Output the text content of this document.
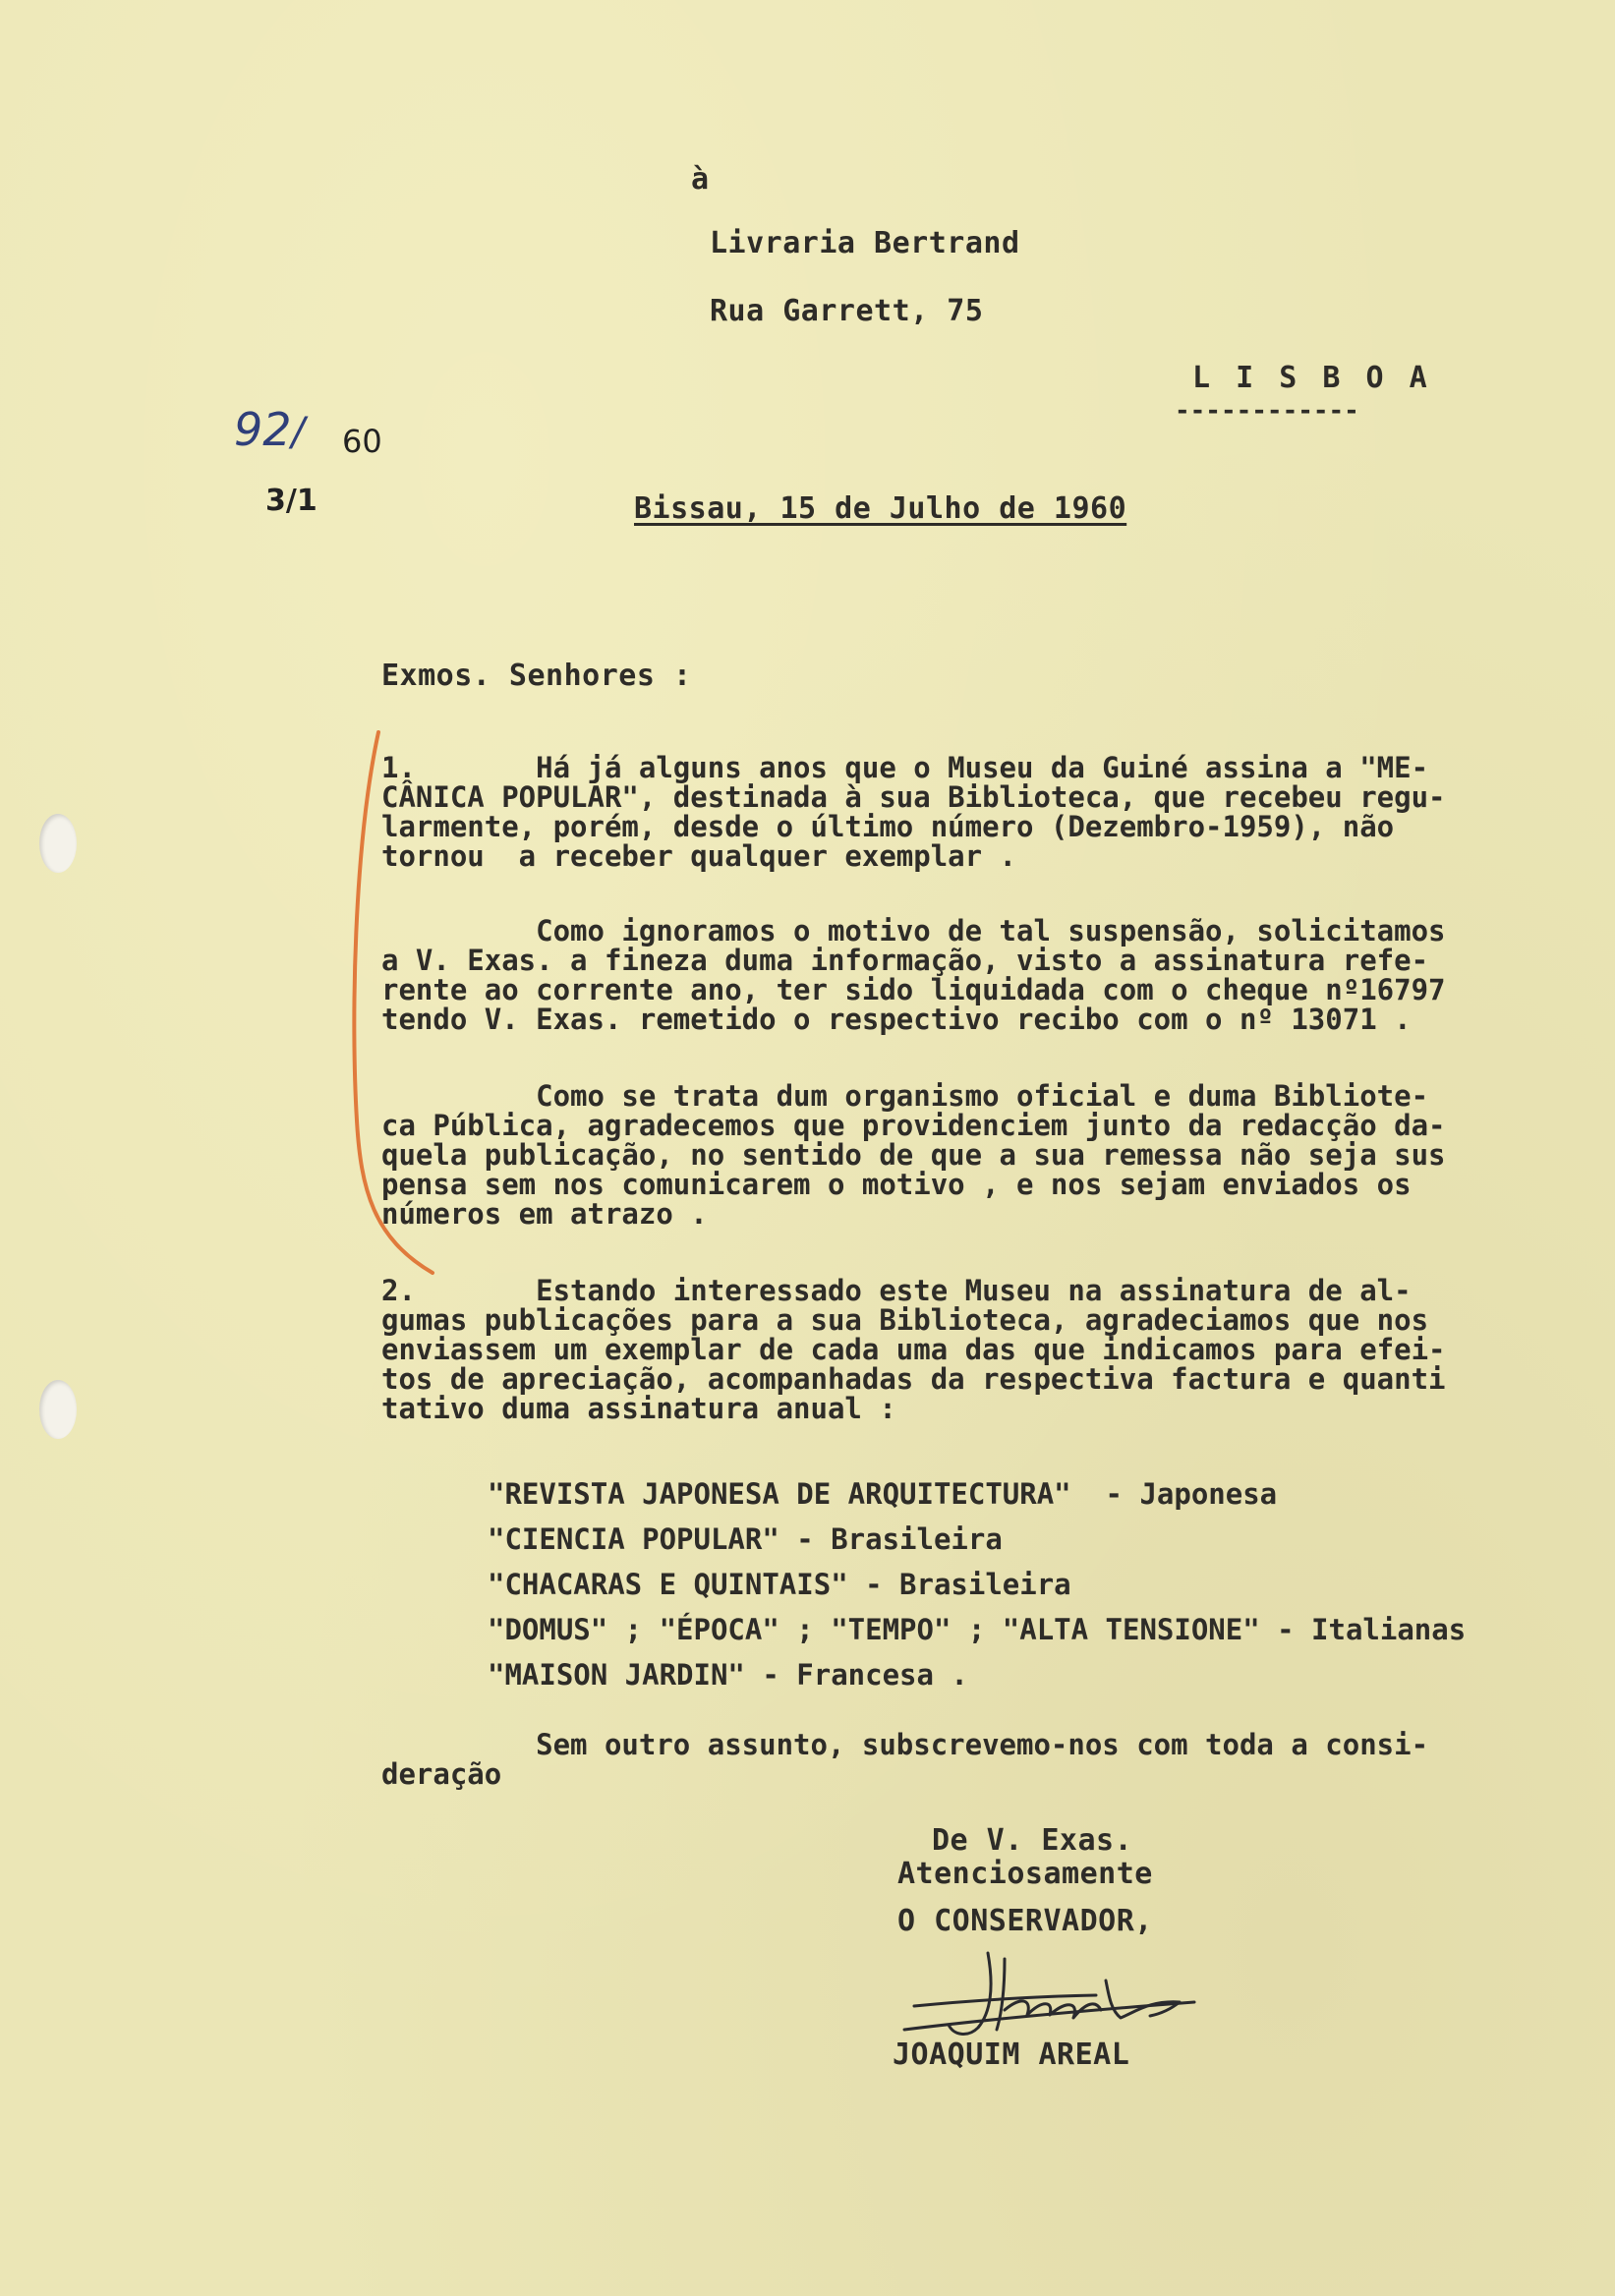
à
Livraria Bertrand
Rua Garrett, 75
L I S B O A
------------
92/ 60
3/1	Bissau, 15 de Julho de 1960
Exmos. Senhores :
1.       Há já alguns anos que o Museu da Guiné assina a "ME-
CÂNICA POPULAR", destinada à sua Biblioteca, que recebeu regu-
larmente, porém, desde o último número (Dezembro-1959), não
tornou  a receber qualquer exemplar .
Como ignoramos o motivo de tal suspensão, solicitamos
a V. Exas. a fineza duma informação, visto a assinatura refe-
rente ao corrente ano, ter sido liquidada com o cheque nº16797
tendo V. Exas. remetido o respectivo recibo com o nº 13071 .
Como se trata dum organismo oficial e duma Bibliote-
ca Pública, agradecemos que providenciem junto da redacção da-
quela publicação, no sentido de que a sua remessa não seja sus
pensa sem nos comunicarem o motivo , e nos sejam enviados os
números em atrazo .
2.       Estando interessado este Museu na assinatura de al-
gumas publicações para a sua Biblioteca, agradeciamos que nos
enviassem um exemplar de cada uma das que indicamos para efei-
tos de apreciação, acompanhadas da respectiva factura e quanti
tativo duma assinatura anual :
"REVISTA JAPONESA DE ARQUITECTURA"  - Japonesa
"CIENCIA POPULAR" - Brasileira
"CHACARAS E QUINTAIS" - Brasileira
"DOMUS" ; "ÉPOCA" ; "TEMPO" ; "ALTA TENSIONE" - Italianas
"MAISON JARDIN" - Francesa .
Sem outro assunto, subscrevemo-nos com toda a consi-
deração
De V. Exas.
Atenciosamente
O CONSERVADOR,
JOAQUIM AREAL
